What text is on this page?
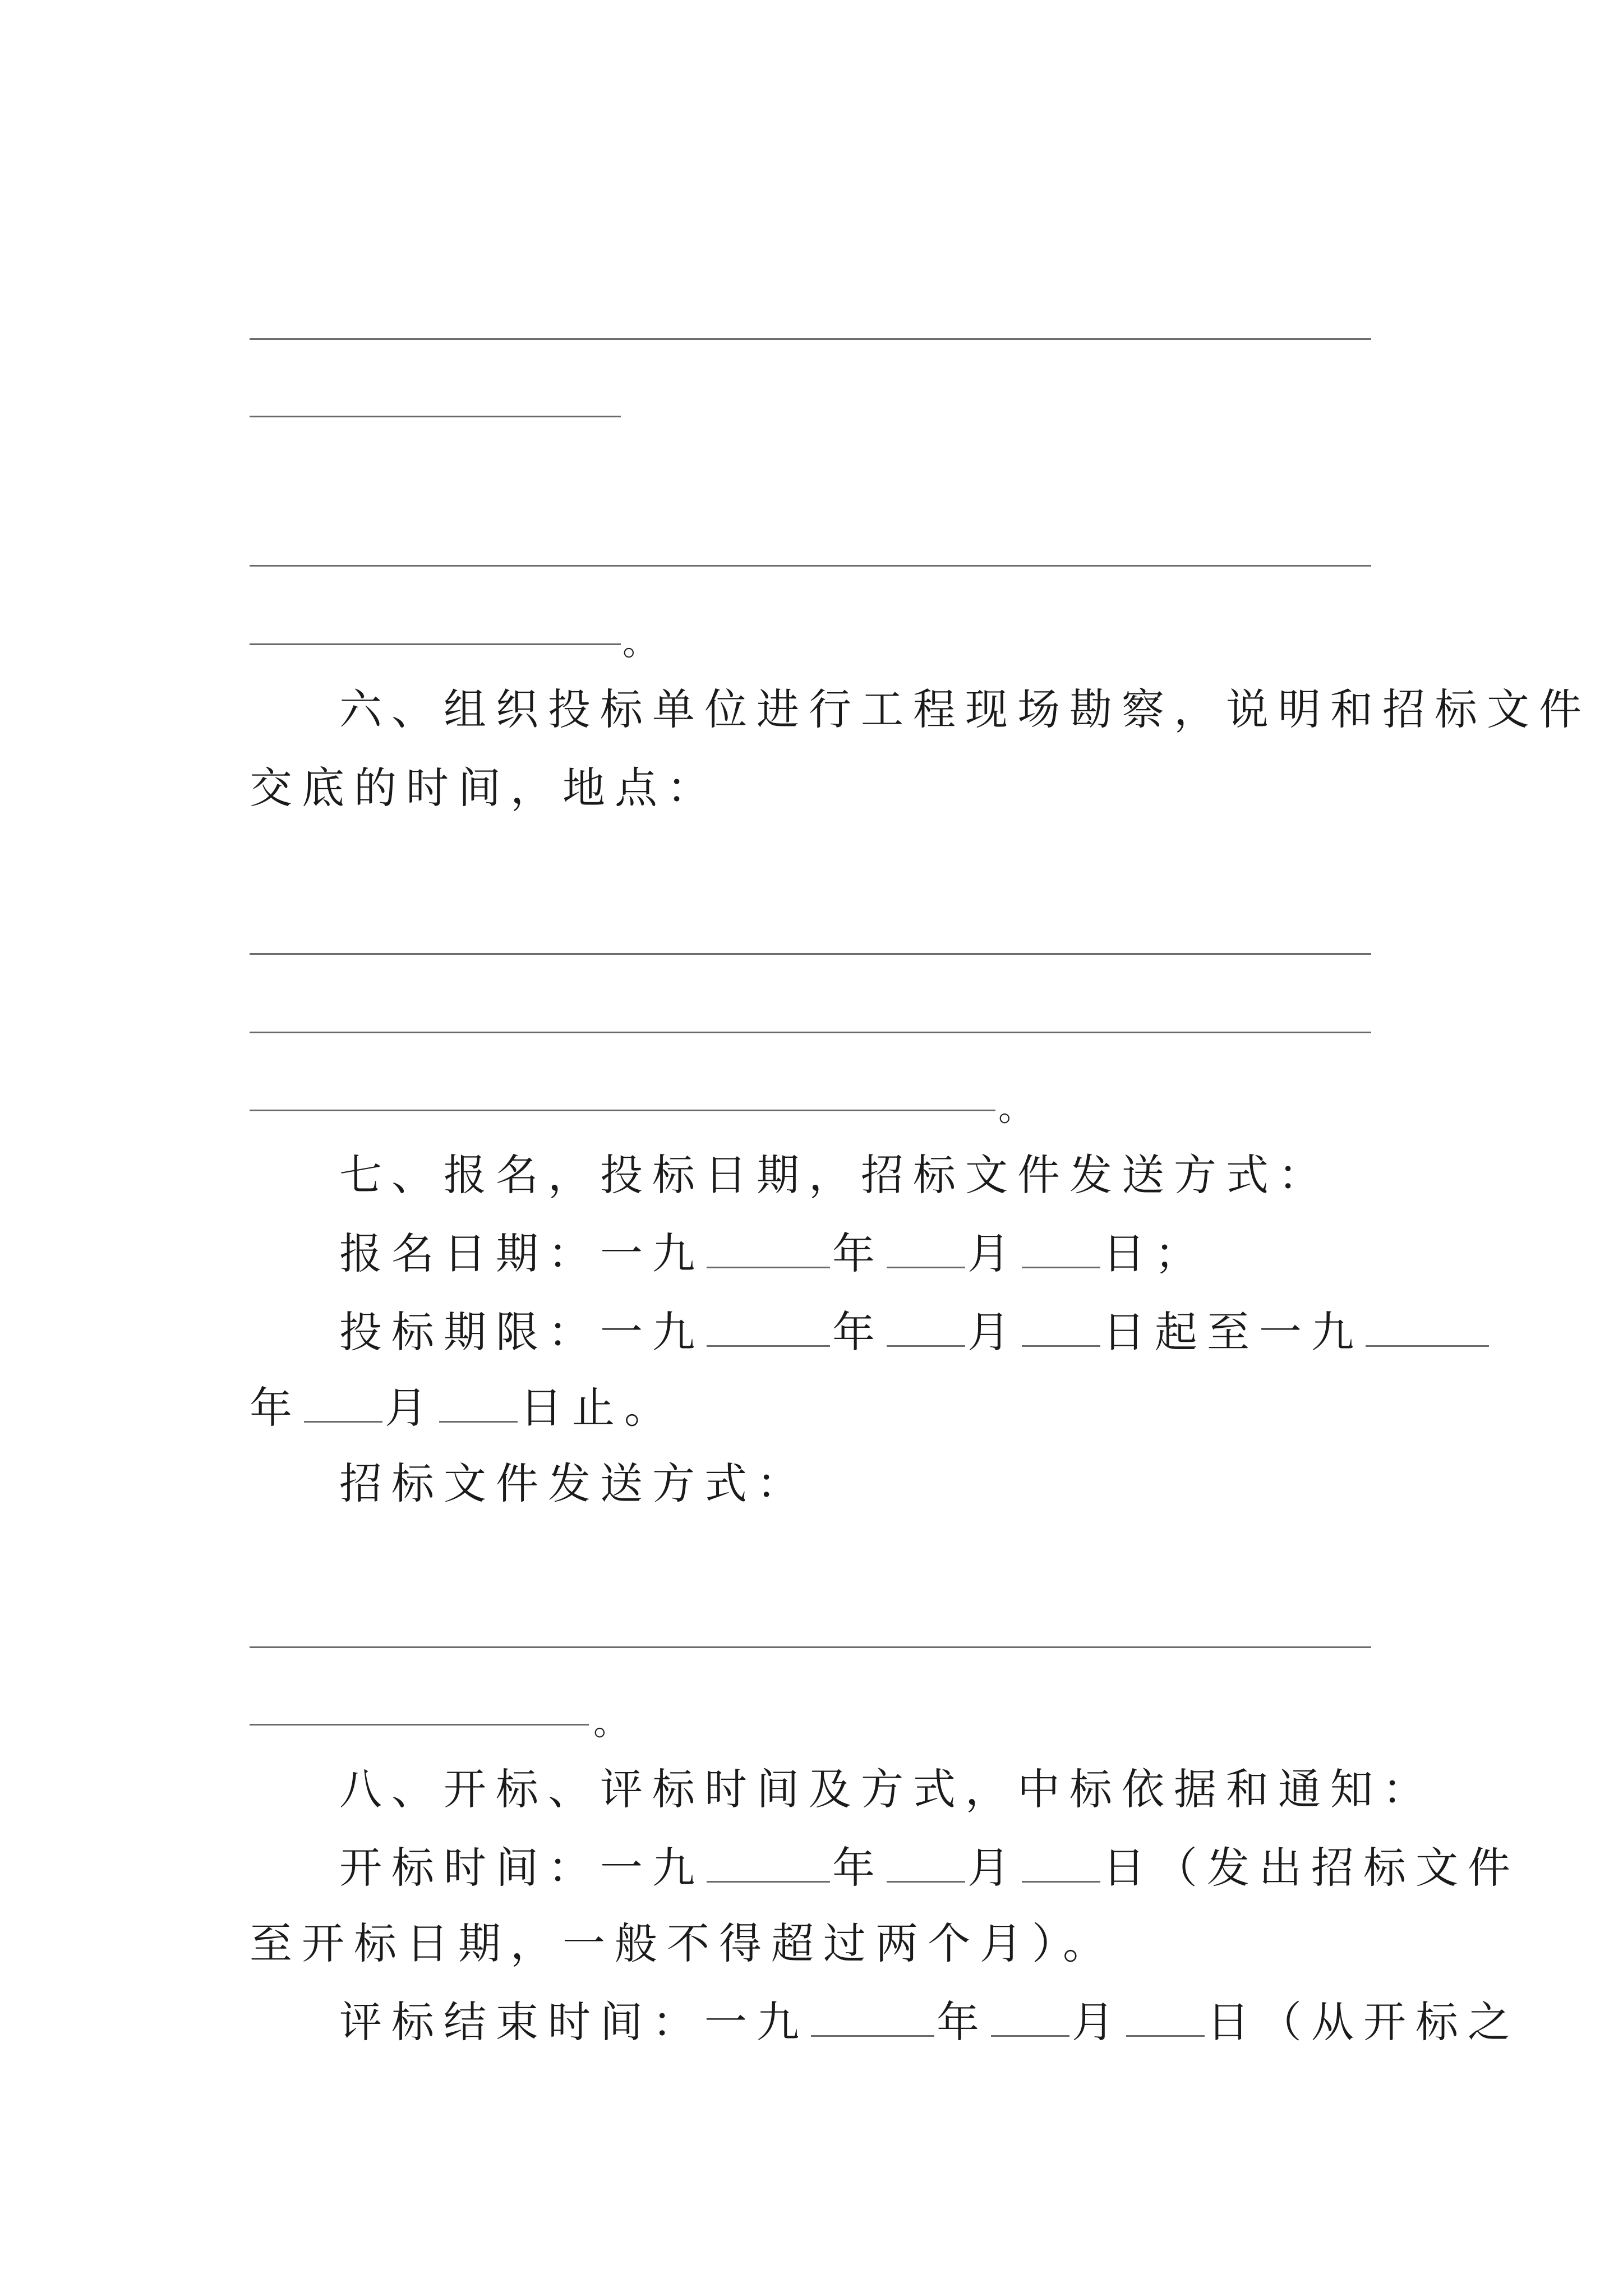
。
六、组织投标单位进行工程现场勘察，说明和招标文件
交底的时间，地点：
。
七、报名，投标日期，招标文件发送方式：
报名日期：一九	年 月 日；
投标期限：一九	年 月 日起至一九
年 月 日止。
招标文件发送方式：
。
八、开标、评标时间及方式，中标依据和通知：
开标时间：一九	年 月 日（发出招标文件
至开标日期，一般不得超过两个月）。
评标结束时间：一九	年 月 日（从开标之
